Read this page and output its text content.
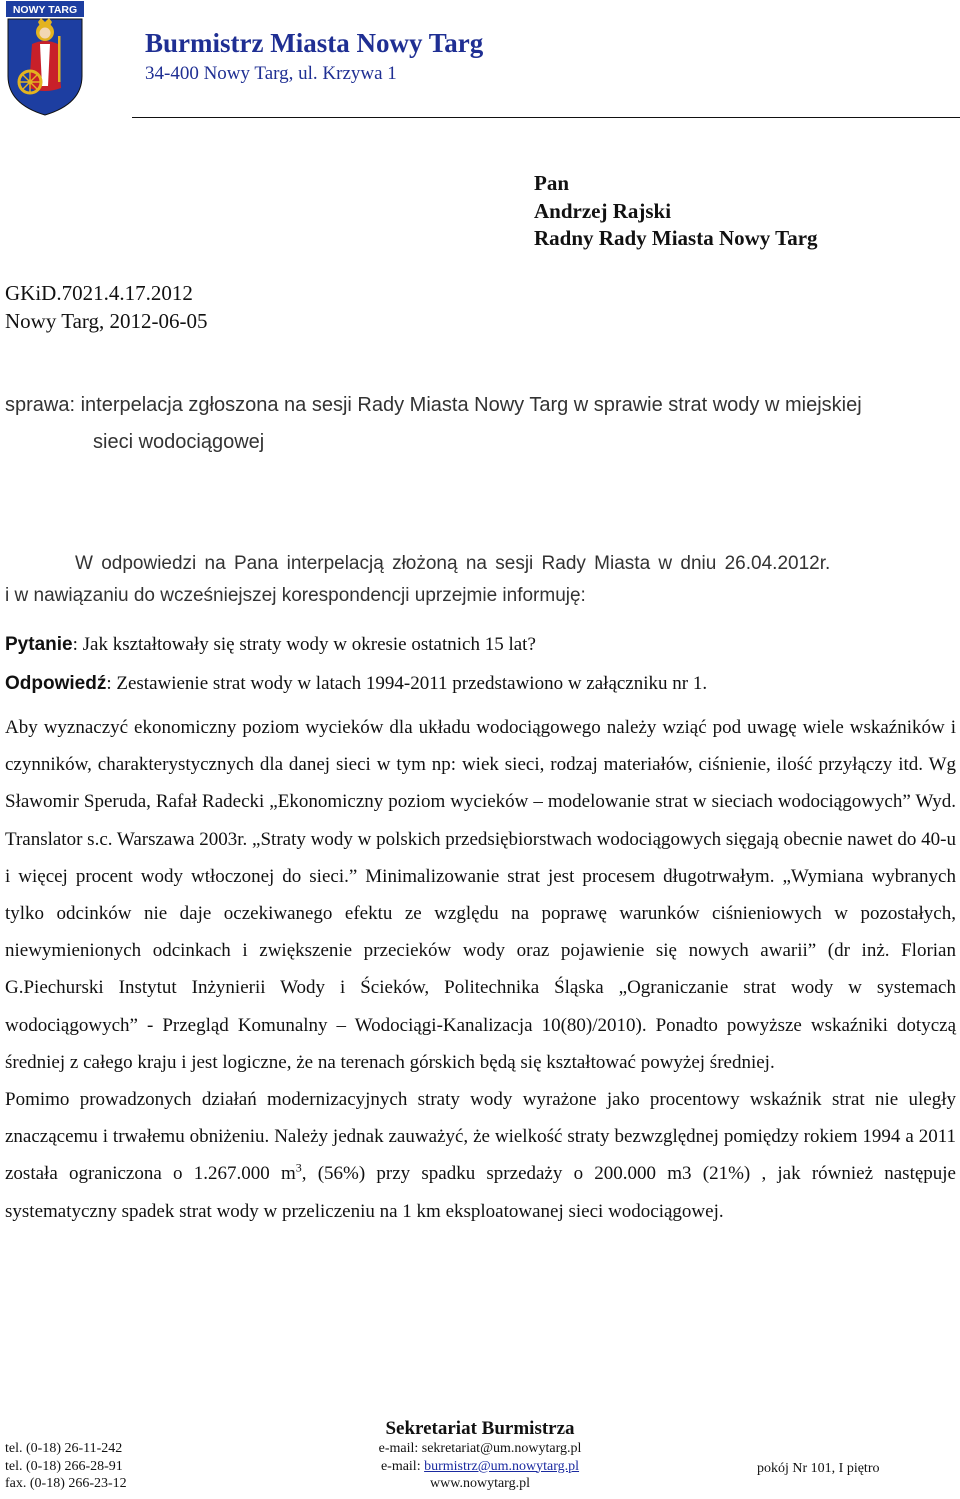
NOWY TARG
Burmistrz Miasta Nowy Targ
34-400 Nowy Targ, ul. Krzywa 1
Pan
Andrzej Rajski
Radny Rady Miasta Nowy Targ
GKiD.7021.4.17.2012
Nowy Targ, 2012-06-05
sprawa: interpelacja zgłoszona na sesji Rady Miasta Nowy Targ w sprawie strat wody w miejskiej
sieci wodociągowej
W odpowiedzi na Pana interpelacją złożoną na sesji Rady Miasta w dniu 26.04.2012r.
i w nawiązaniu do wcześniejszej korespondencji uprzejmie informuję:
Pytanie: Jak kształtowały się straty wody w okresie ostatnich 15 lat?
Odpowiedź: Zestawienie strat wody w latach 1994-2011 przedstawiono w załączniku nr 1.

Aby wyznaczyć ekonomiczny poziom wycieków dla układu wodociągowego należy wziąć pod uwagę wiele wskaźników i czynników, charakterystycznych dla danej sieci w tym np: wiek sieci, rodzaj materiałów, ciśnienie, ilość przyłączy itd. Wg Sławomir Speruda, Rafał Radecki „Ekonomiczny poziom wycieków – modelowanie strat w sieciach wodociągowych” Wyd. Translator s.c. Warszawa 2003r. „Straty wody w polskich przedsiębiorstwach wodociągowych sięgają obecnie nawet do 40-u i więcej procent wody wtłoczonej do sieci.” Minimalizowanie strat jest procesem długotrwałym. „Wymiana wybranych tylko odcinków nie daje oczekiwanego efektu ze względu na poprawę warunków ciśnieniowych w pozostałych, niewymienionych odcinkach i zwiększenie przecieków wody oraz pojawienie się nowych awarii” (dr inż. Florian G.Piechurski Instytut Inżynierii Wody i Ścieków, Politechnika Śląska „Ograniczanie strat wody w systemach wodociągowych” - Przegląd Komunalny – Wodociągi-Kanalizacja 10(80)/2010). Ponadto powyższe wskaźniki dotyczą średniej z całego kraju i jest logiczne, że na terenach górskich będą się kształtować powyżej średniej.

Pomimo prowadzonych działań modernizacyjnych straty wody wyrażone jako procentowy wskaźnik strat nie uległy znaczącemu i trwałemu obniżeniu. Należy jednak zauważyć, że wielkość straty bezwzględnej pomiędzy rokiem 1994 a 2011 została ograniczona o 1.267.000 $m^3$, (56%) przy spadku sprzedaży o 200.000 m3 (21%) , jak również następuje systematyczny spadek strat wody w przeliczeniu na 1 km eksploatowanej sieci wodociągowej.

Sekretariat Burmistrza
e-mail: sekretariat@um.nowytarg.pl
e-mail: burmistrz@um.nowytarg.pl
www.nowytarg.pl
tel. (0-18) 26-11-242
tel. (0-18) 266-28-91
fax. (0-18) 266-23-12
pokój Nr 101, I piętro
